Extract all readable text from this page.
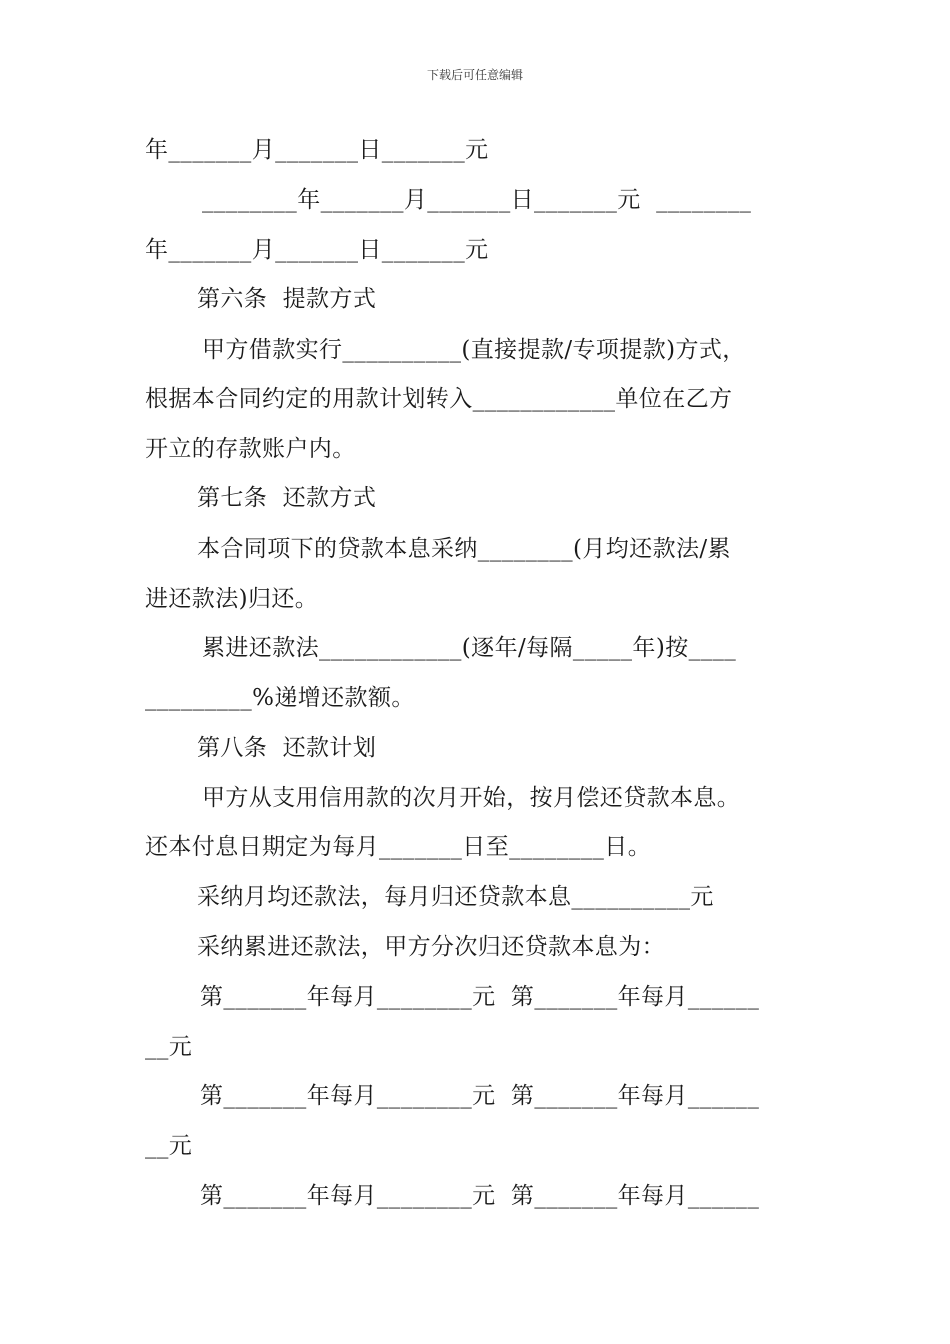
下载后可任意编辑
年_______月_______日_______元
________年_______月_______日_______元  ________
年_______月_______日_______元
第六条  提款方式
甲方借款实行__________(直接提款/专项提款)方式，
根据本合同约定的用款计划转入____________单位在乙方
开立的存款账户内。
第七条  还款方式
本合同项下的贷款本息采纳________(月均还款法/累
进还款法)归还。
累进还款法____________(逐年/每隔_____年)按____
_________%递增还款额。
第八条  还款计划
甲方从支用信用款的次月开始，按月偿还贷款本息。
还本付息日期定为每月_______日至________日。
采纳月均还款法，每月归还贷款本息__________元
采纳累进还款法，甲方分次归还贷款本息为：
第_______年每月________元  第_______年每月______
__元
第_______年每月________元  第_______年每月______
__元
第_______年每月________元  第_______年每月______
